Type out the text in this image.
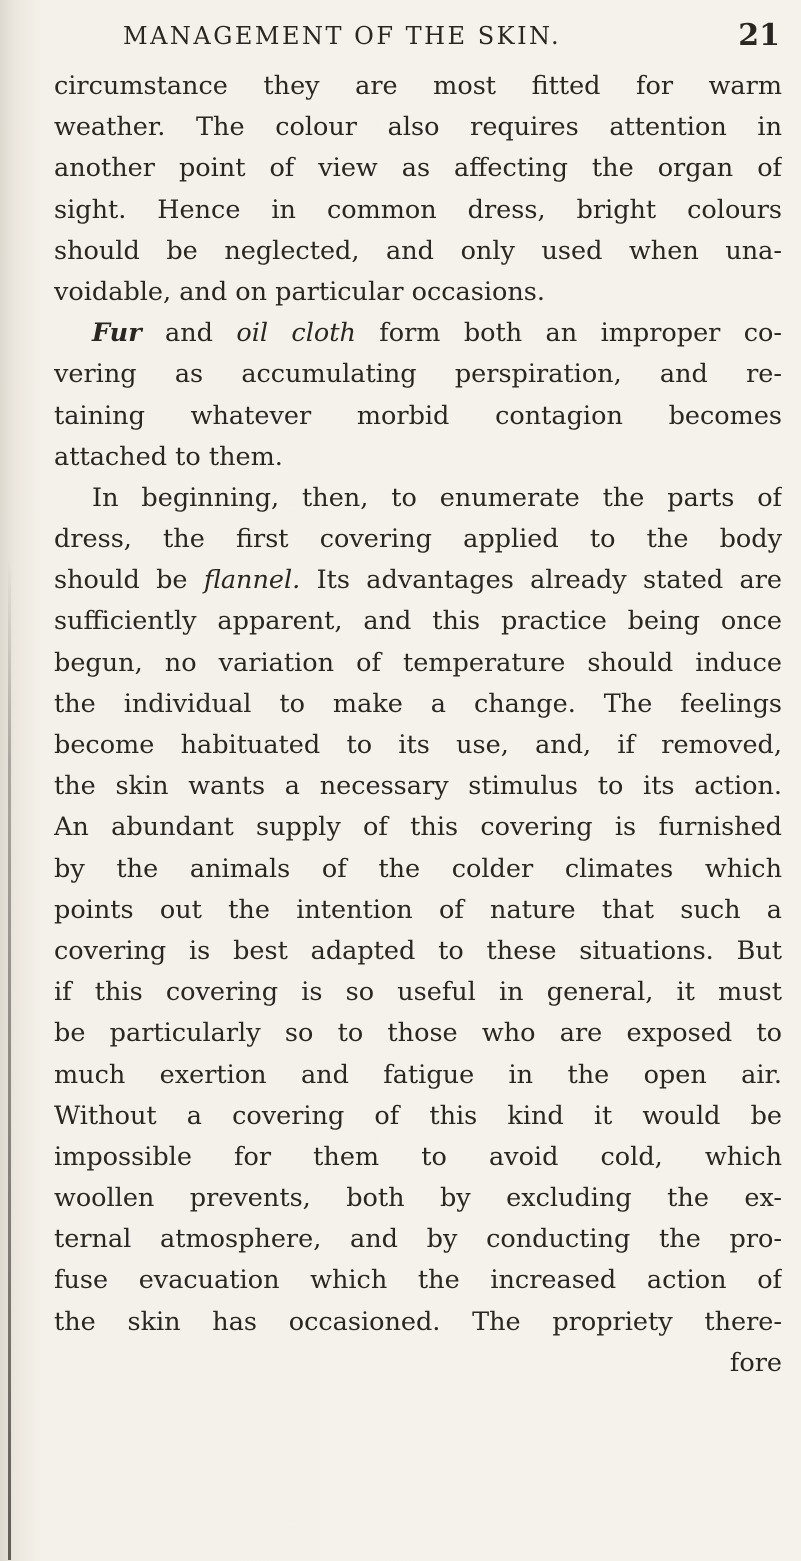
MANAGEMENT OF THE SKIN.	21
circumstance they are most fitted for warm
weather. The colour also requires attention in
another point of view as affecting the organ of
sight. Hence in common dress, bright colours
should be neglected, and only used when una-
voidable, and on particular occasions.
Fur and oil cloth form both an improper co-
vering as accumulating perspiration, and re-
taining whatever morbid contagion becomes
attached to them.
In beginning, then, to enumerate the parts of
dress, the first covering applied to the body
should be flannel. Its advantages already stated are
sufficiently apparent, and this practice being once
begun, no variation of temperature should induce
the individual to make a change. The feelings
become habituated to its use, and, if removed,
the skin wants a necessary stimulus to its action.
An abundant supply of this covering is furnished
by the animals of the colder climates which
points out the intention of nature that such a
covering is best adapted to these situations. But
if this covering is so useful in general, it must
be particularly so to those who are exposed to
much exertion and fatigue in the open air.
Without a covering of this kind it would be
impossible for them to avoid cold, which
woollen prevents, both by excluding the ex-
ternal atmosphere, and by conducting the pro-
fuse evacuation which the increased action of
the skin has occasioned. The propriety there-
fore
